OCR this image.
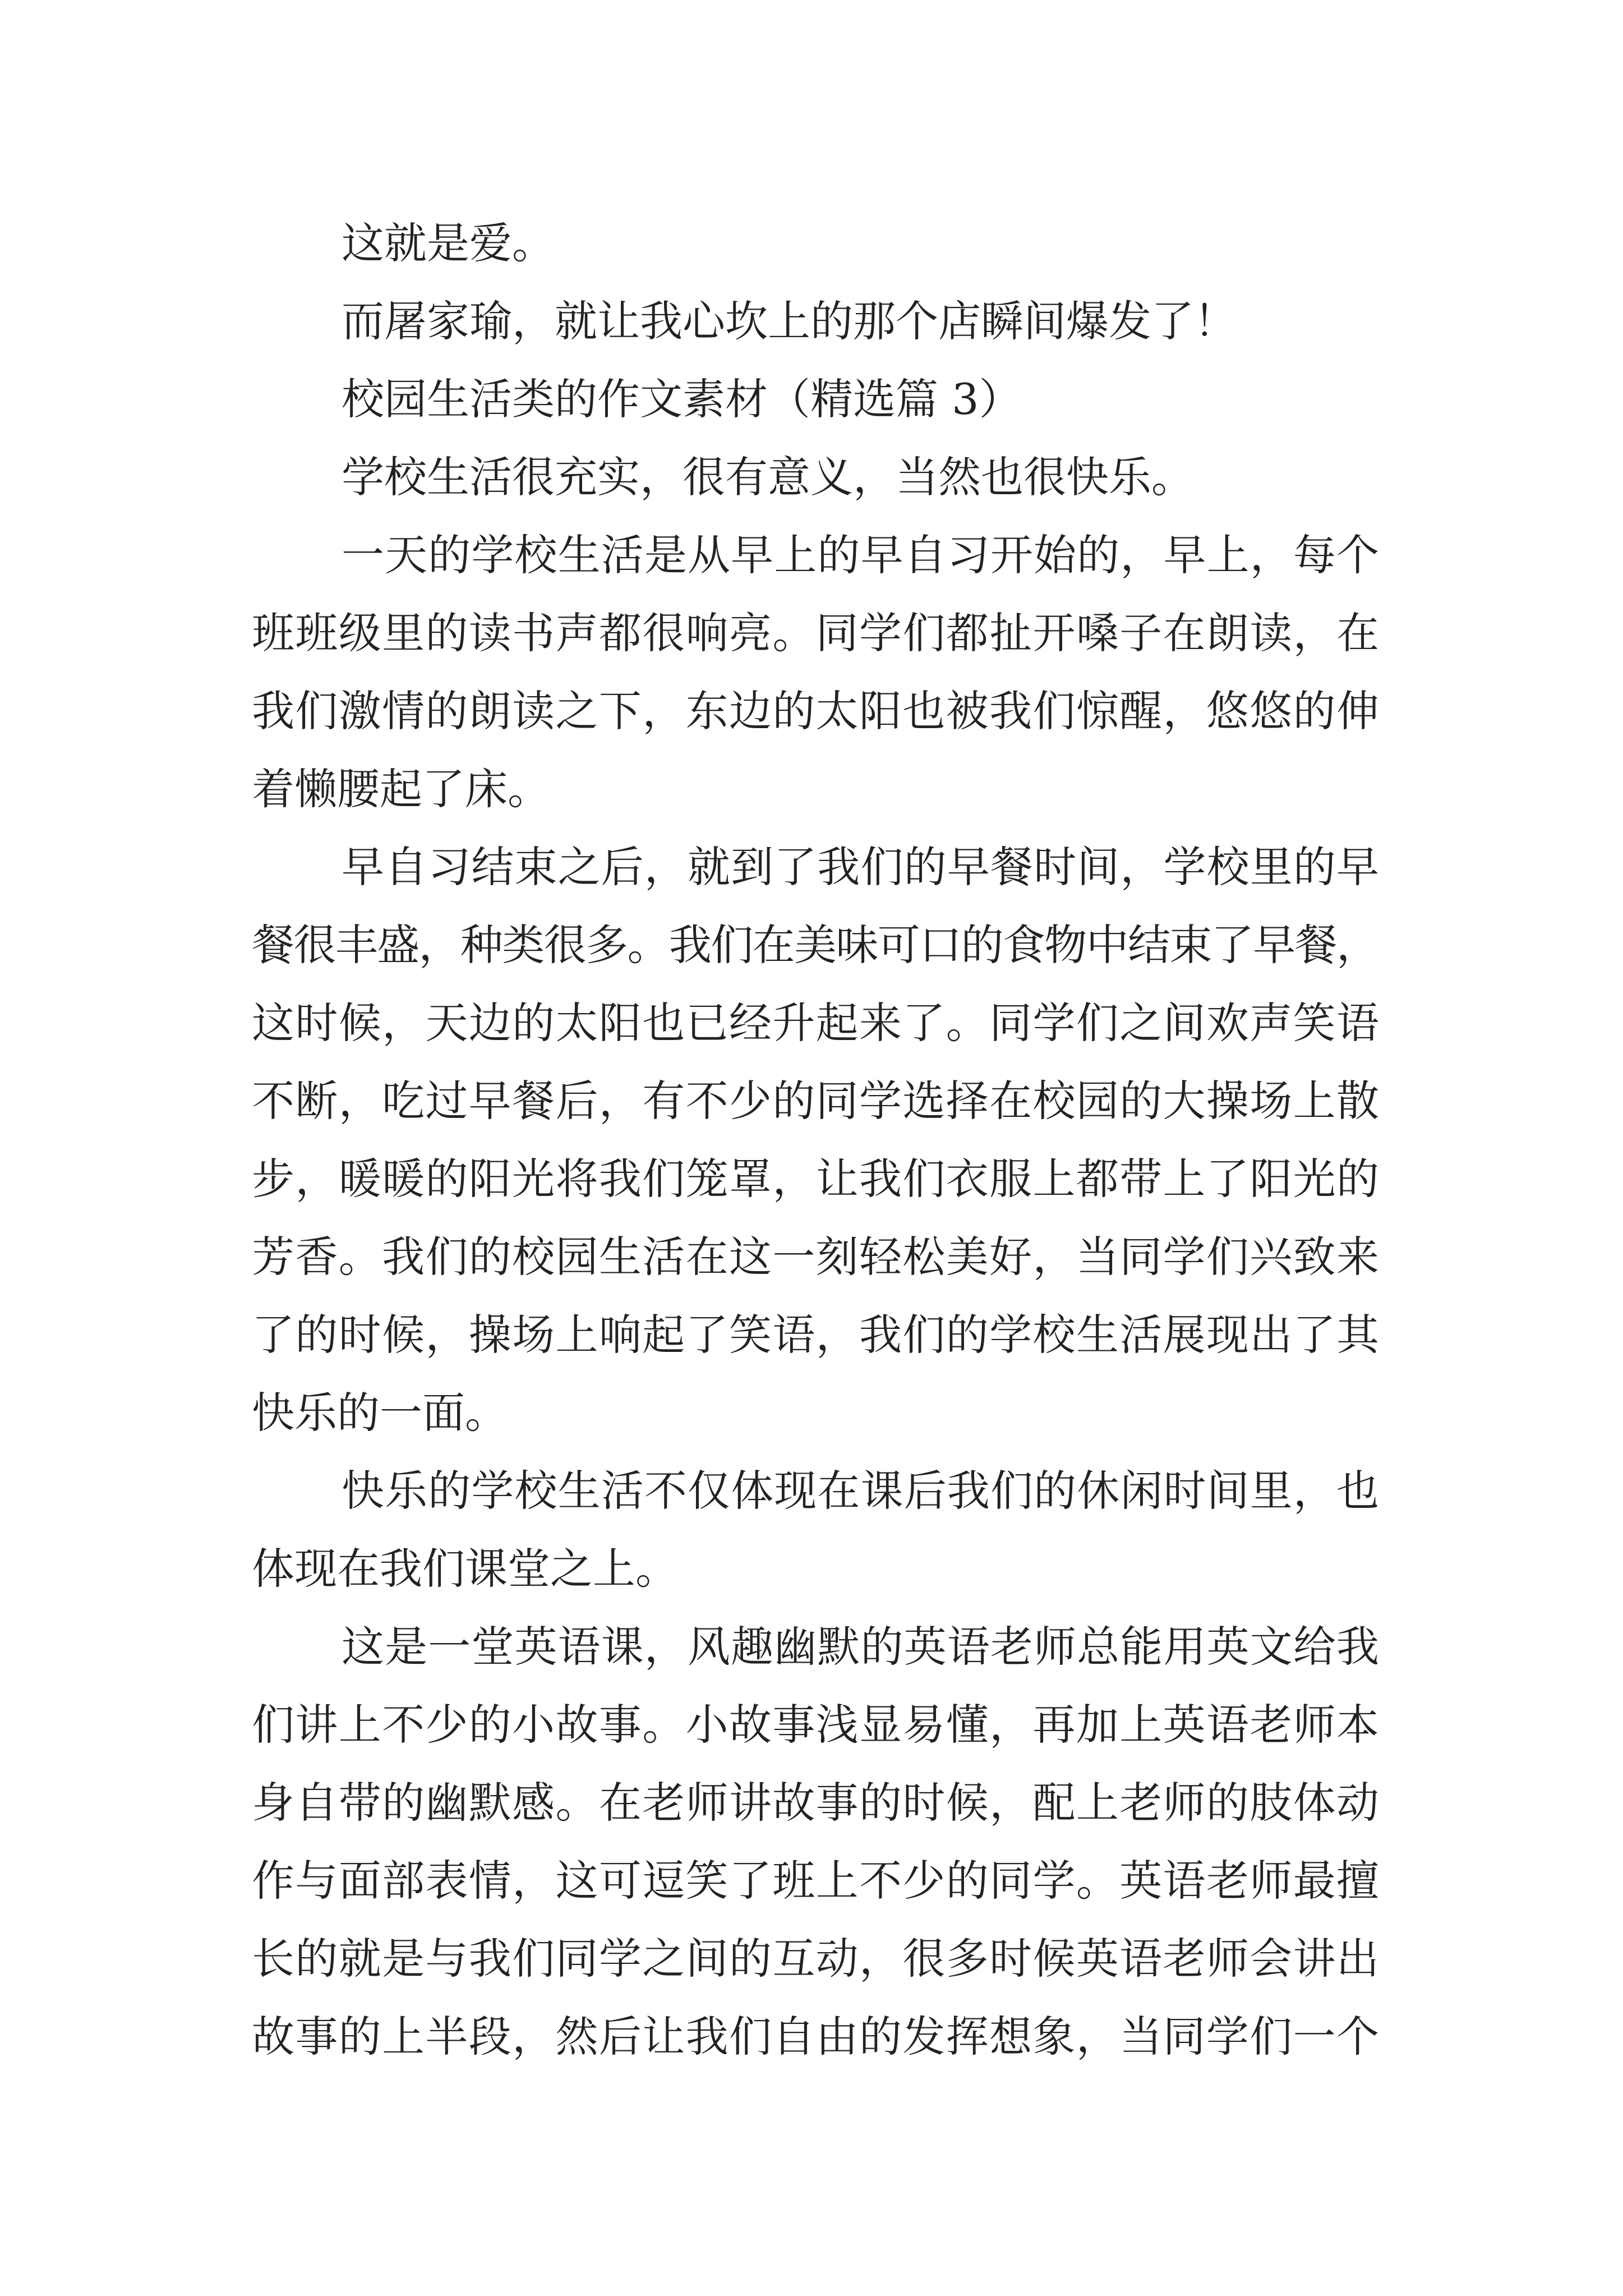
这就是爱。

而屠家瑜，就让我心坎上的那个店瞬间爆发了！

校园生活类的作文素材（精选篇 3）

学校生活很充实，很有意义，当然也很快乐。

一天的学校生活是从早上的早自习开始的，早上，每个

班班级里的读书声都很响亮。同学们都扯开嗓子在朗读，在

我们激情的朗读之下，东边的太阳也被我们惊醒，悠悠的伸

着懒腰起了床。

早自习结束之后，就到了我们的早餐时间，学校里的早

餐很丰盛，种类很多。我们在美味可口的食物中结束了早餐，

这时候，天边的太阳也已经升起来了。同学们之间欢声笑语

不断，吃过早餐后，有不少的同学选择在校园的大操场上散

步，暖暖的阳光将我们笼罩，让我们衣服上都带上了阳光的

芳香。我们的校园生活在这一刻轻松美好，当同学们兴致来

了的时候，操场上响起了笑语，我们的学校生活展现出了其

快乐的一面。

快乐的学校生活不仅体现在课后我们的休闲时间里，也

体现在我们课堂之上。

这是一堂英语课，风趣幽默的英语老师总能用英文给我

们讲上不少的小故事。小故事浅显易懂，再加上英语老师本

身自带的幽默感。在老师讲故事的时候，配上老师的肢体动

作与面部表情，这可逗笑了班上不少的同学。英语老师最擅

长的就是与我们同学之间的互动，很多时候英语老师会讲出

故事的上半段，然后让我们自由的发挥想象，当同学们一个
